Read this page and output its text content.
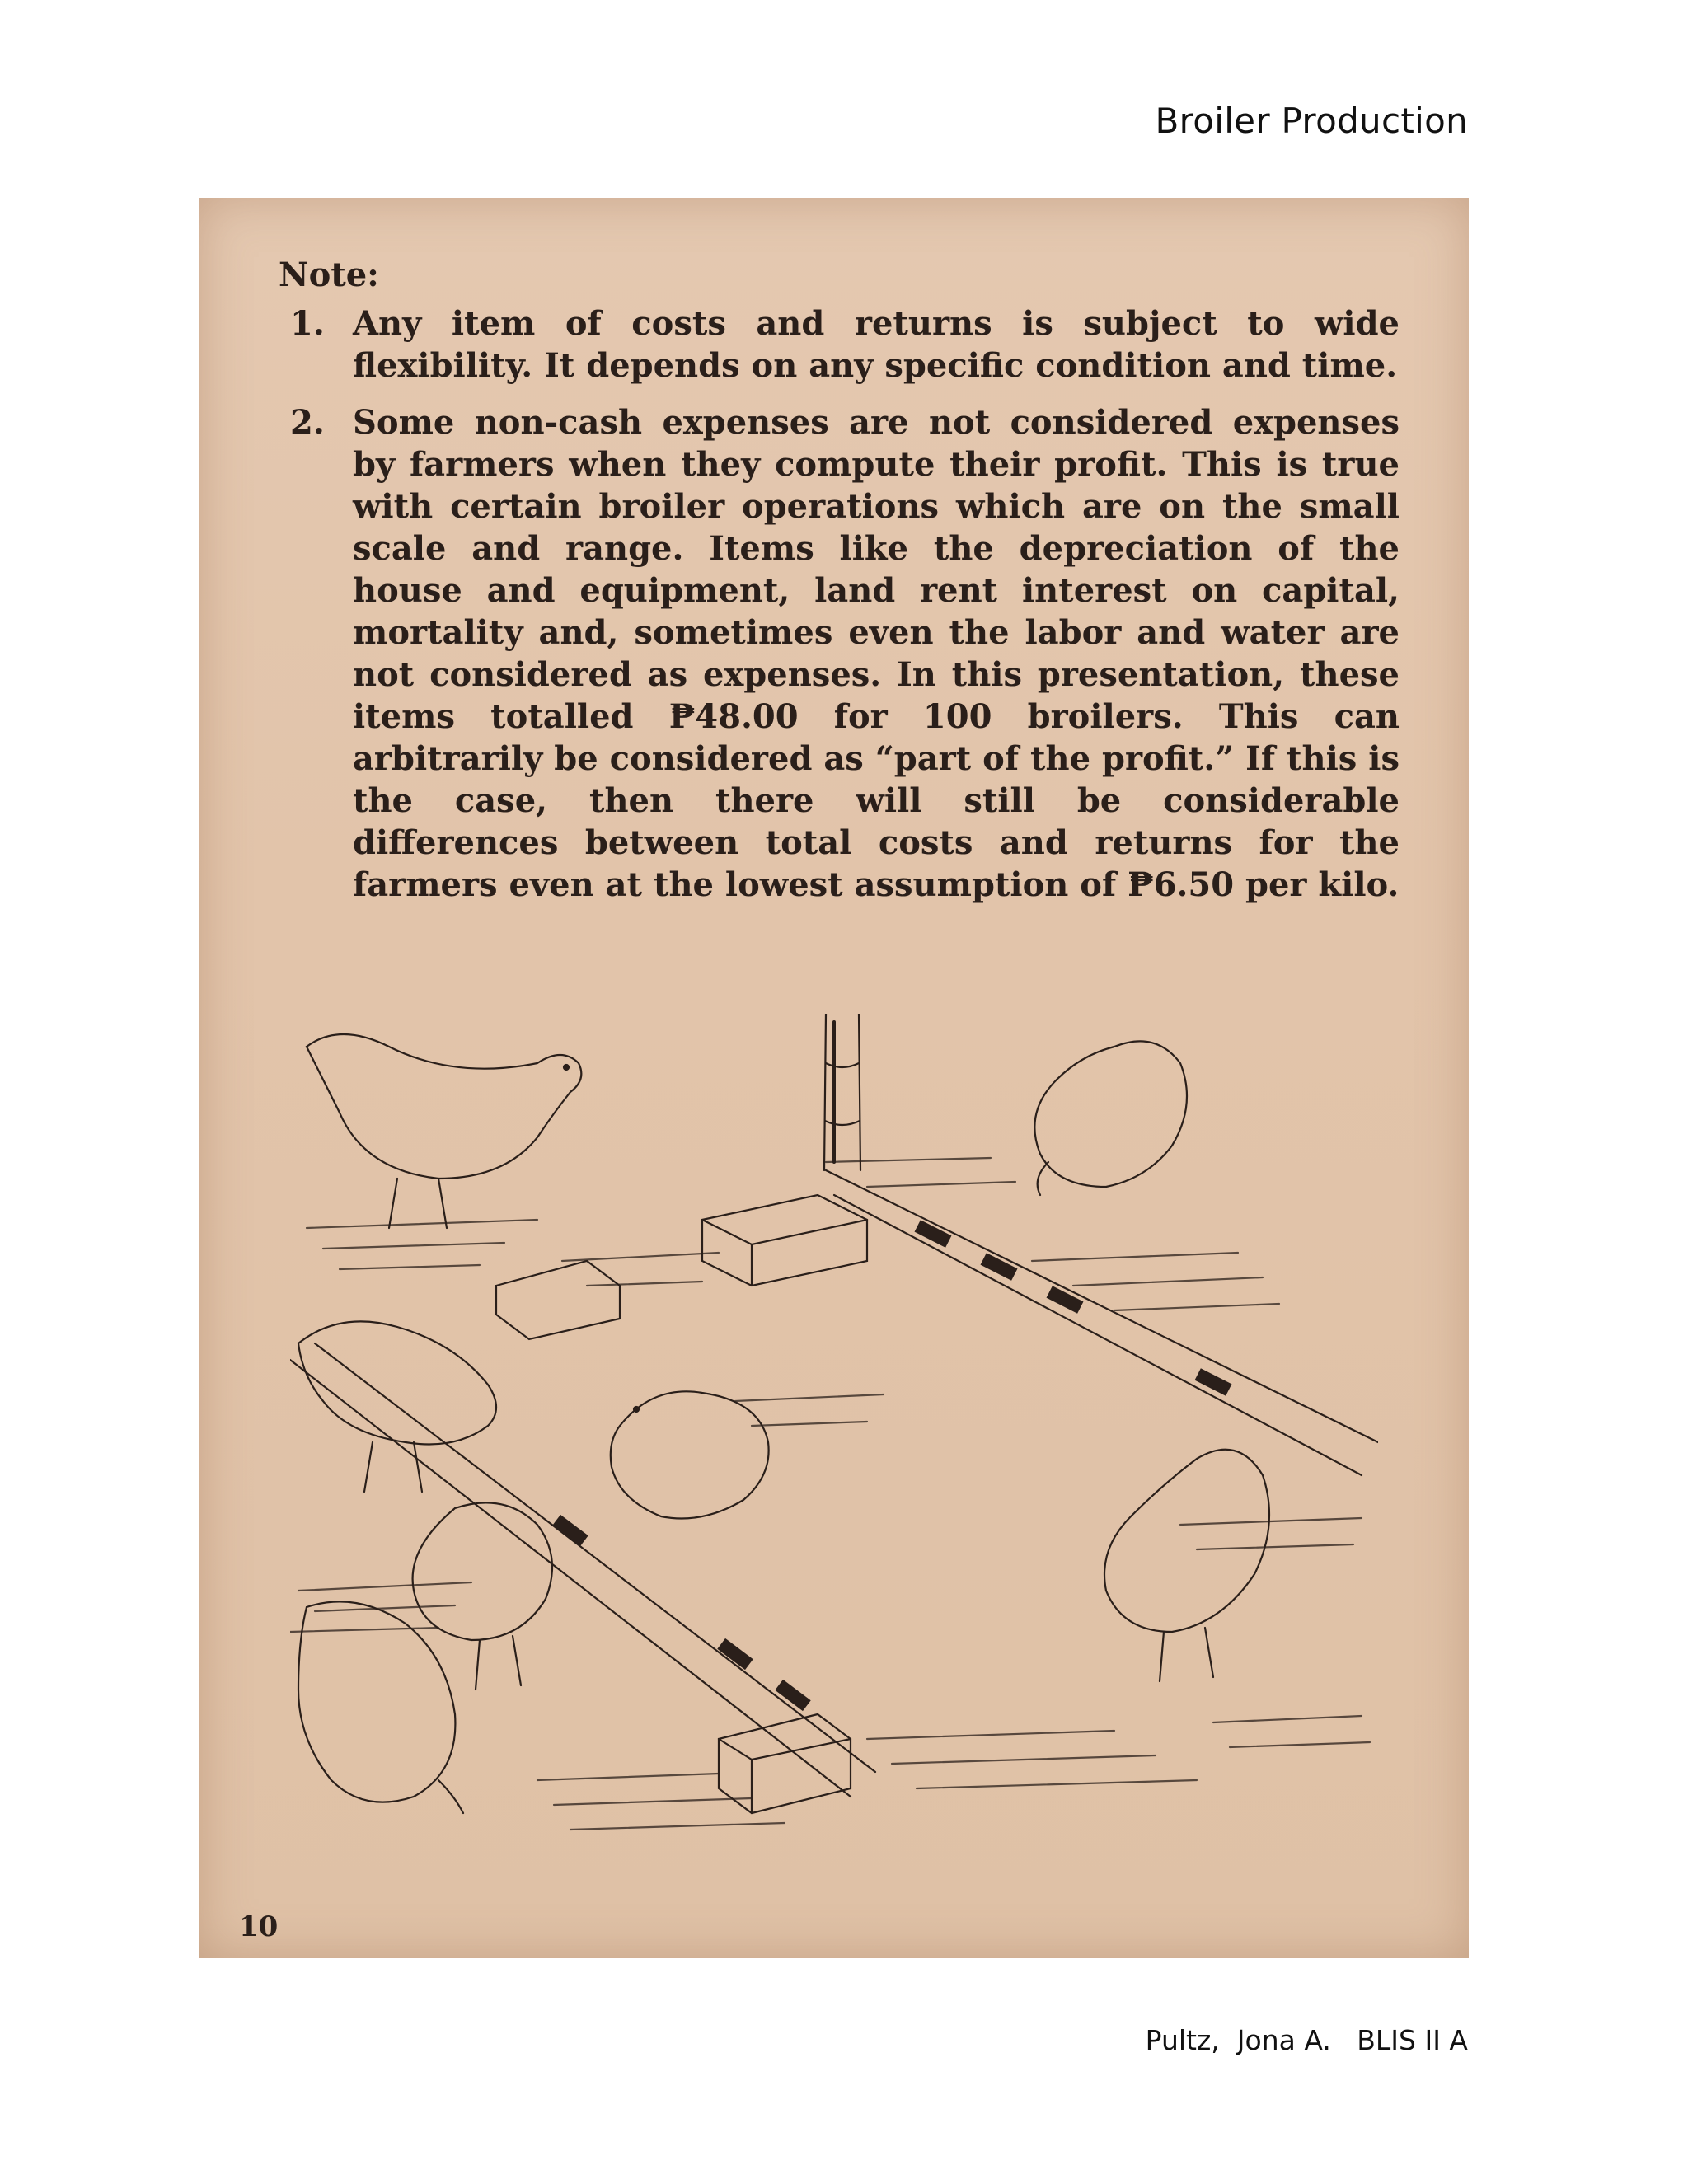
Broiler Production
Note:
1. Any item of costs and returns is subject to wide flexibility. It depends on any specific condition and time.
2. Some non-cash expenses are not considered expenses by farmers when they compute their profit. This is true with certain broiler operations which are on the small scale and range. Items like the depreciation of the house and equipment, land rent interest on capital, mortality and, sometimes even the labor and water are not considered as expenses. In this presentation, these items totalled ₱48.00 for 100 broilers. This can arbitrarily be considered as “part of the profit.” If this is the case, then there will still be considerable differences between total costs and returns for the farmers even at the lowest assumption of ₱6.50 per kilo.
10
Pultz,  Jona A.   BLIS II A
